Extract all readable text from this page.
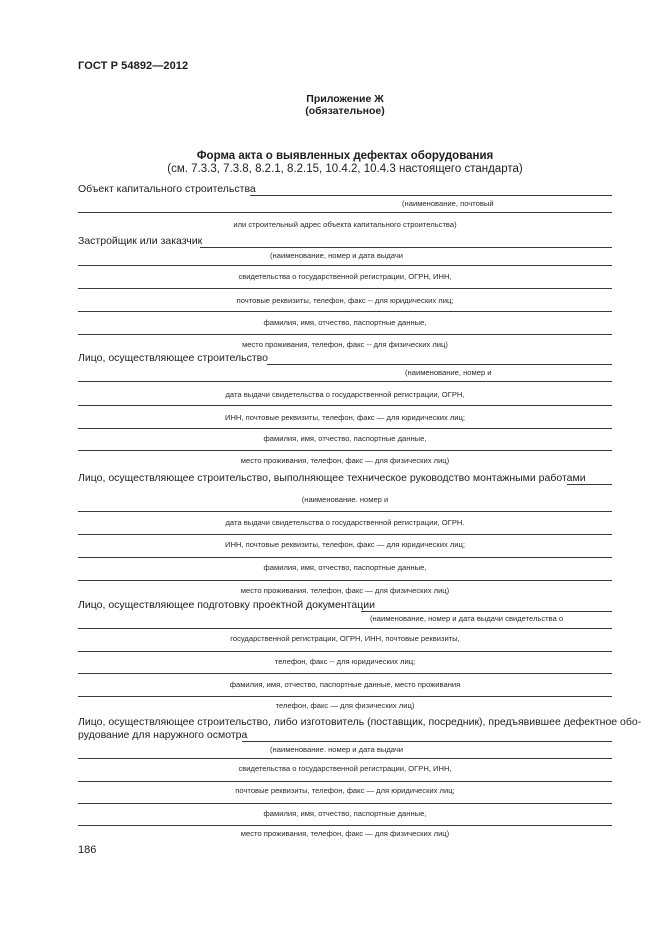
ГОСТ Р 54892—2012
Приложение Ж
(обязательное)
Форма акта о выявленных дефектах оборудования
(см. 7.3.3, 7.3.8, 8.2.1, 8.2.15, 10.4.2, 10.4.3 настоящего стандарта)
Объект капитального строительства
(наименование, почтовый
или строительный адрес объекта капитального строительства)
Застройщик или заказчик
(наименование, номер и дата выдачи
свидетельства о государственной регистрации, ОГРН, ИНН,
почтовые реквизиты, телефон, факс -- для юридических лиц;
фамилия, имя, отчество, паспортные данные,
место проживания, телефон, факс -- для физических лиц)
Лицо, осуществляющее строительство
(наименование, номер и
дата выдачи свидетельства о государственной регистрации, ОГРН,
ИНН, почтовые реквизиты, телефон, факс — для юридических лиц;
фамилия, имя, отчество, паспортные данные,
место проживания, телефон, факс — для физических лиц)
Лицо, осуществляющее строительство, выполняющее техническое руководство монтажными работами
(наименование. номер и
дата выдачи свидетельства о государственной регистрации, ОГРН.
ИНН, почтовые реквизиты, телефон, факс — для юридических лиц;
фамилия, имя, отчество, паспортные данные,
место проживания. телефон, факс — для физических лиц)
Лицо, осуществляющее подготовку проектной документации
(наименование, номер и дата выдачи свидетельства о
государственной регистрации, ОГРН, ИНН, почтовые реквизиты,
телефон, факс -- для юридических лиц;
фамилия, имя, отчество, паспортные данные, место проживания
телефон, факс — для физических лиц)
Лицо, осуществляющее строительство, либо изготовитель (поставщик, посредник), предъявившее дефектное обо-
рудование для наружного осмотра
(наименование. номер и дата выдачи
свидетельства о государственной регистрации, ОГРН, ИНН,
почтовые реквизиты, телефон, факс — для юридических лиц;
фамилия, имя, отчество, паспортные данные,
место проживания, телефон, факс — для физических лиц)
186
